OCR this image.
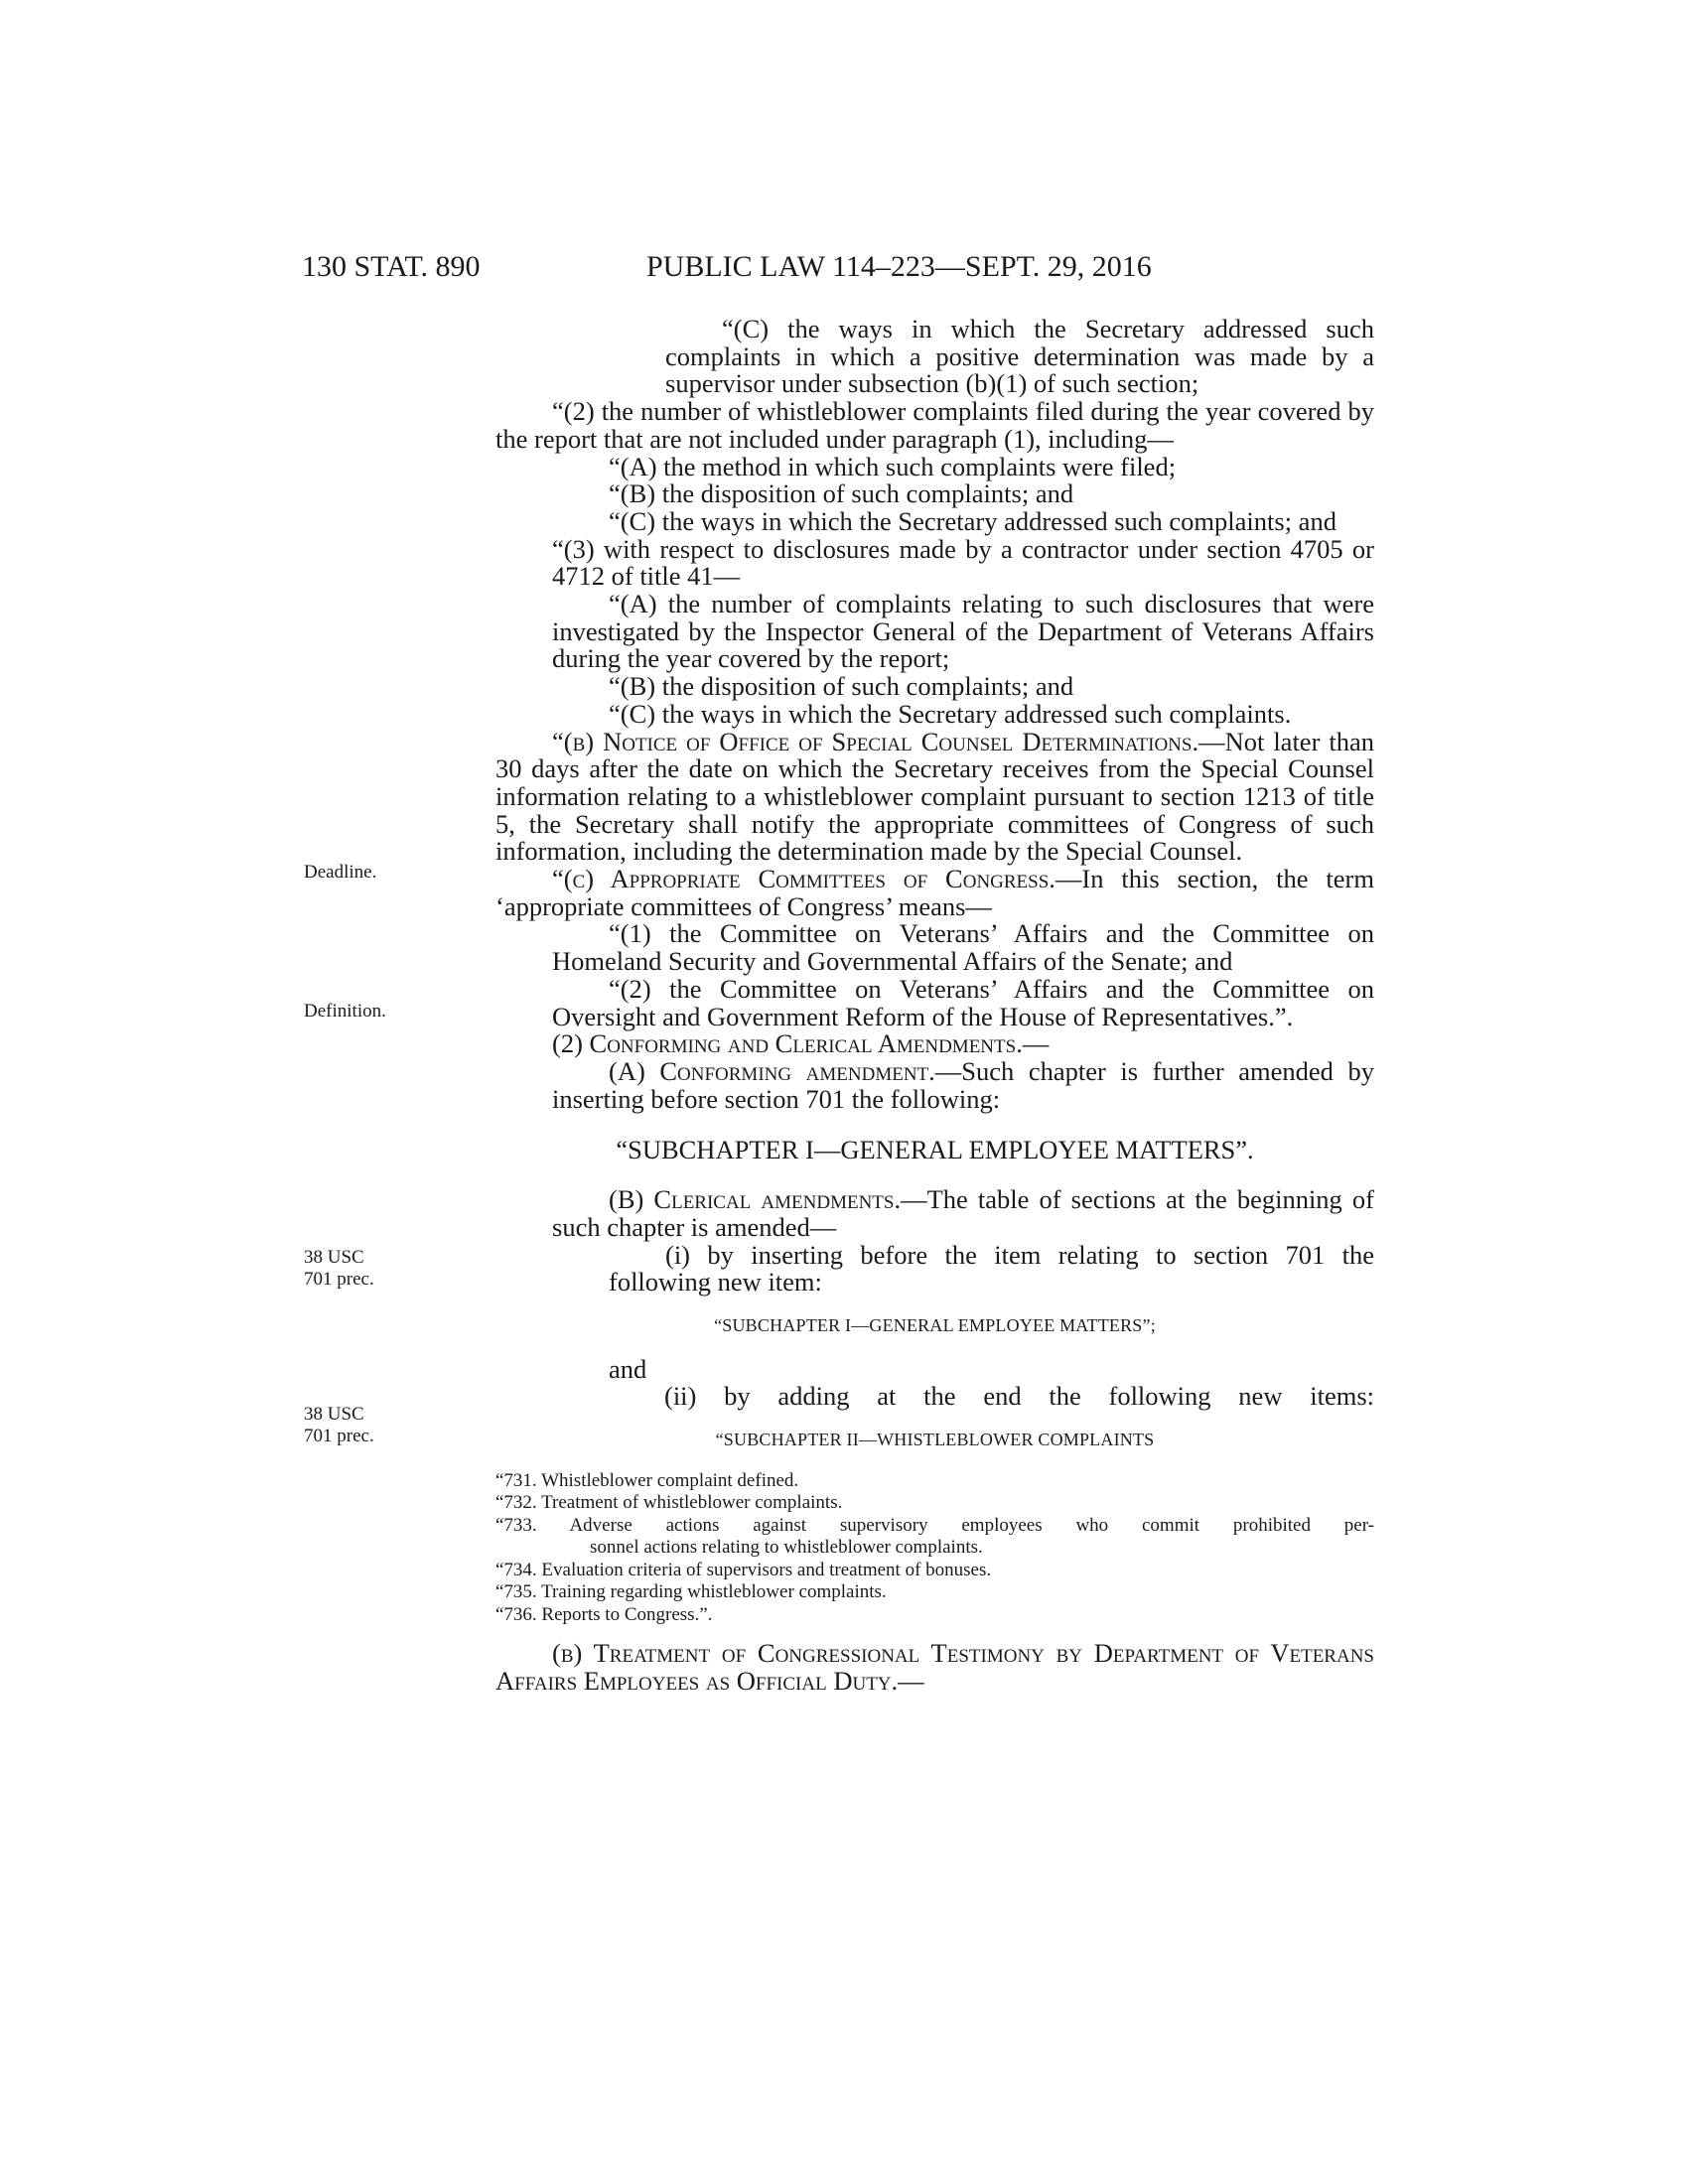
130 STAT. 890	PUBLIC LAW 114–223—SEPT. 29, 2016
Deadline.
Definition.
38 USC
701 prec.
38 USC
701 prec.
“(C) the ways in which the Secretary addressed such complaints in which a positive determination was made by a supervisor under subsection (b)(1) of such section;
“(2) the number of whistleblower complaints filed during the year covered by the report that are not included under paragraph (1), including—
“(A) the method in which such complaints were filed;
“(B) the disposition of such complaints; and
“(C) the ways in which the Secretary addressed such complaints; and
“(3) with respect to disclosures made by a contractor under section 4705 or 4712 of title 41—
“(A) the number of complaints relating to such disclosures that were investigated by the Inspector General of the Department of Veterans Affairs during the year covered by the report;
“(B) the disposition of such complaints; and
“(C) the ways in which the Secretary addressed such complaints.
“(b) Notice of Office of Special Counsel Determinations.—Not later than 30 days after the date on which the Secretary receives from the Special Counsel information relating to a whistleblower complaint pursuant to section 1213 of title 5, the Secretary shall notify the appropriate committees of Congress of such information, including the determination made by the Special Counsel.
“(c) Appropriate Committees of Congress.—In this section, the term ‘appropriate committees of Congress’ means—
“(1) the Committee on Veterans’ Affairs and the Committee on Homeland Security and Governmental Affairs of the Senate; and
“(2) the Committee on Veterans’ Affairs and the Committee on Oversight and Government Reform of the House of Representatives.”.
(2) Conforming and Clerical Amendments.—
(A) Conforming amendment.—Such chapter is further amended by inserting before section 701 the following:
“SUBCHAPTER I—GENERAL EMPLOYEE MATTERS”.
(B) Clerical amendments.—The table of sections at the beginning of such chapter is amended—
(i) by inserting before the item relating to section 701 the following new item:
“SUBCHAPTER I—GENERAL EMPLOYEE MATTERS”;
and
(ii) by adding at the end the following new items:
“SUBCHAPTER II—WHISTLEBLOWER COMPLAINTS
“731. Whistleblower complaint defined.
“732. Treatment of whistleblower complaints.
“733. Adverse actions against supervisory employees who commit prohibited per-
sonnel actions relating to whistleblower complaints.
“734. Evaluation criteria of supervisors and treatment of bonuses.
“735. Training regarding whistleblower complaints.
“736. Reports to Congress.”.
(b) Treatment of Congressional Testimony by Department of Veterans Affairs Employees as Official Duty.—
